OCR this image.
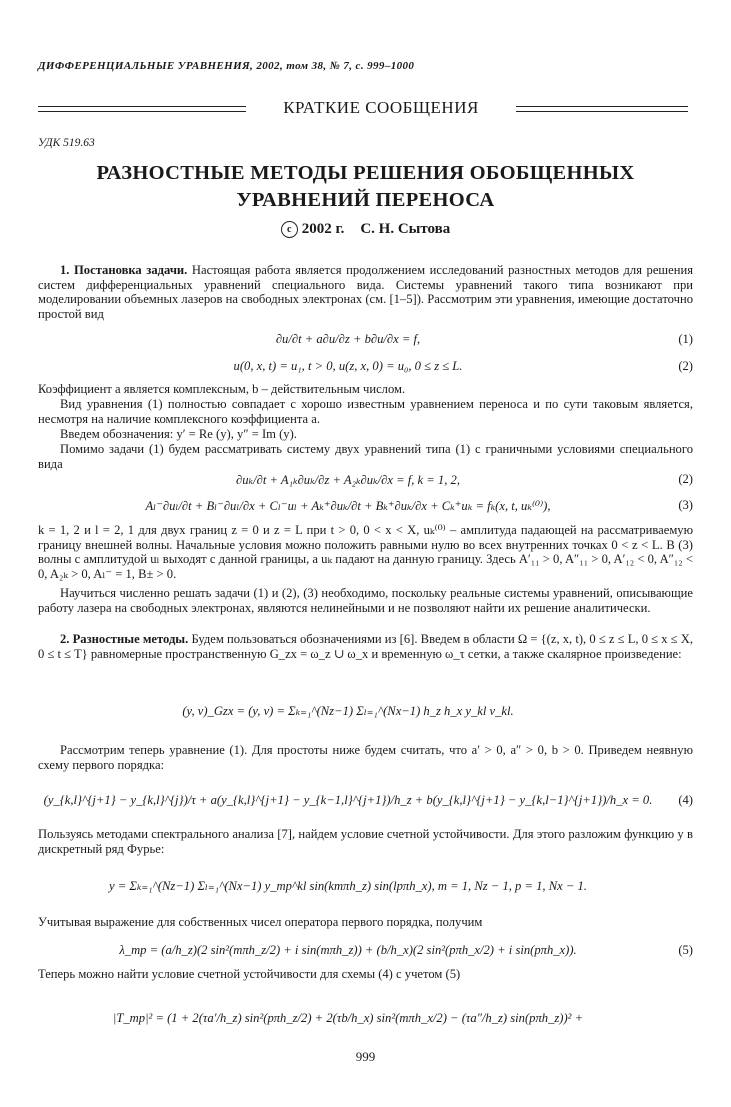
ДИФФЕРЕНЦИАЛЬНЫЕ УРАВНЕНИЯ, 2002, том 38, № 7, с. 999–1000
КРАТКИЕ СООБЩЕНИЯ
УДК 519.63
РАЗНОСТНЫЕ МЕТОДЫ РЕШЕНИЯ ОБОБЩЕННЫХ
УРАВНЕНИЙ ПЕРЕНОСА
c 2002 г. С. Н. Сытова
1. Постановка задачи. Настоящая работа является продолжением исследований разностных методов для решения систем дифференциальных уравнений специального вида. Системы уравнений такого типа возникают при моделировании объемных лазеров на свободных электронах (см. [1–5]). Рассмотрим эти уравнения, имеющие достаточно простой вид
∂u/∂t + a∂u/∂z + b∂u/∂x = f,	(1)
u(0, x, t) = u₁, t > 0, u(z, x, 0) = u₀, 0 ≤ z ≤ L.	(2)
Коэффициент a является комплексным, b – действительным числом.
Вид уравнения (1) полностью совпадает с хорошо известным уравнением переноса и по сути таковым является, несмотря на наличие комплексного коэффициента a.
Введем обозначения: y′ = Re (y), y″ = Im (y).
Помимо задачи (1) будем рассматривать систему двух уравнений типа (1) с граничными условиями специального вида
∂uₖ/∂t + A₁ₖ∂uₖ/∂z + A₂ₖ∂uₖ/∂x = f, k = 1, 2,	(2)
Aₗ⁻∂uₗ/∂t + Bₗ⁻∂uₗ/∂x + Cₗ⁻uₗ + Aₖ⁺∂uₖ/∂t + Bₖ⁺∂uₖ/∂x + Cₖ⁺uₖ = fₖ(x, t, uₖ⁽⁰⁾),	(3)
k = 1, 2 и l = 2, 1 для двух границ z = 0 и z = L при t > 0, 0 < x < X, uₖ⁽⁰⁾ – амплитуда падающей на рассматриваемую границу внешней волны. Начальные условия можно положить равными нулю во всех внутренних точках 0 < z < L. В (3) волны с амплитудой uₗ выходят с данной границы, а uₖ падают на данную границу. Здесь A′₁₁ > 0, A″₁₁ > 0, A′₁₂ < 0, A″₁₂ < 0, A₂ₖ > 0, Aₗ⁻ = 1, B± > 0.
Научиться численно решать задачи (1) и (2), (3) необходимо, поскольку реальные системы уравнений, описывающие работу лазера на свободных электронах, являются нелинейными и не позволяют найти их решение аналитически.
2. Разностные методы. Будем пользоваться обозначениями из [6]. Введем в области Ω = {(z, x, t), 0 ≤ z ≤ L, 0 ≤ x ≤ X, 0 ≤ t ≤ T} равномерные пространственную G_zx = ω_z ∪ ω_x и временную ω_τ сетки, а также скалярное произведение:
(y, v)_Gzx = (y, v) = Σₖ₌₁^(Nz−1) Σₗ₌₁^(Nx−1) h_z h_x y_kl v_kl.
Рассмотрим теперь уравнение (1). Для простоты ниже будем считать, что a′ > 0, a″ > 0, b > 0. Приведем неявную схему первого порядка:
(y_{k,l}^{j+1} − y_{k,l}^{j})/τ + a(y_{k,l}^{j+1} − y_{k−1,l}^{j+1})/h_z + b(y_{k,l}^{j+1} − y_{k,l−1}^{j+1})/h_x = 0.	(4)
Пользуясь методами спектрального анализа [7], найдем условие счетной устойчивости. Для этого разложим функцию y в дискретный ряд Фурье:
y = Σₖ₌₁^(Nz−1) Σₗ₌₁^(Nx−1) y_mp^kl sin(kmπh_z) sin(lpπh_x), m = 1, Nz − 1, p = 1, Nx − 1.
Учитывая выражение для собственных чисел оператора первого порядка, получим
λ_mp = (a/h_z)(2 sin²(mπh_z/2) + i sin(mπh_z)) + (b/h_x)(2 sin²(pπh_x/2) + i sin(pπh_x)).	(5)
Теперь можно найти условие счетной устойчивости для схемы (4) с учетом (5)
|T_mp|² = (1 + 2(τa′/h_z) sin²(pπh_z/2) + 2(τb/h_x) sin²(mπh_x/2) − (τa″/h_z) sin(pπh_z))² +
999
